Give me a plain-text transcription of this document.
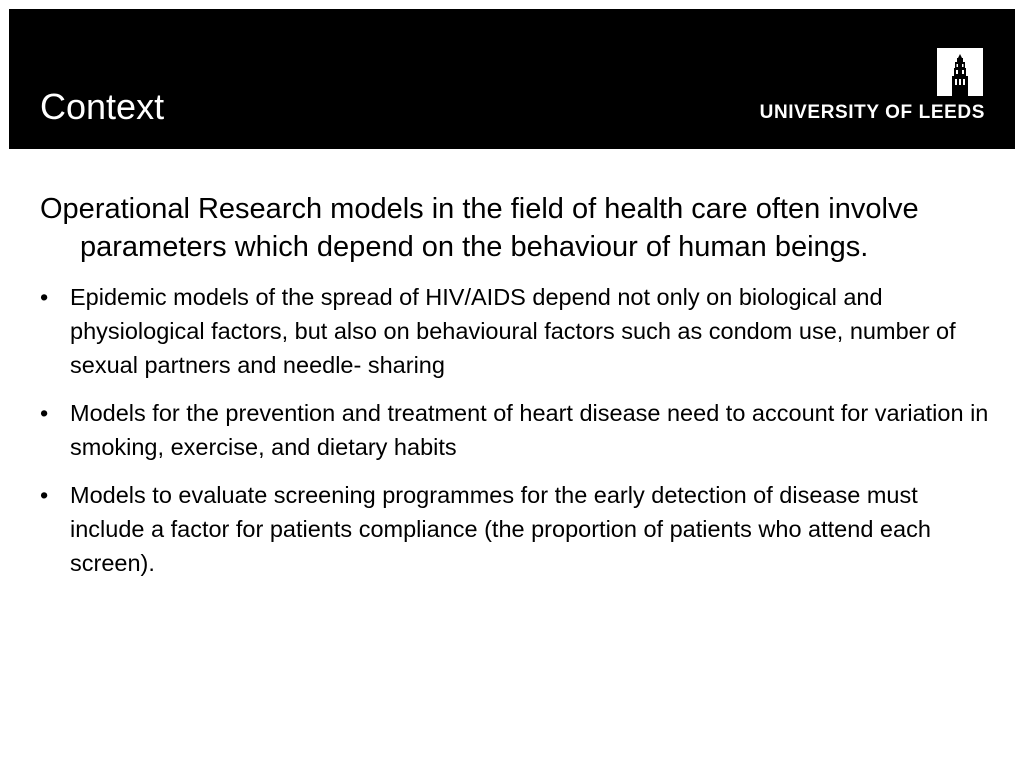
Context	UNIVERSITY OF LEEDS

Operational Research models in the field of health care often involve parameters which depend on the behaviour of human beings.

• Epidemic models of the spread of HIV/AIDS depend not only on biological and physiological factors, but also on behavioural factors such as condom use, number of sexual partners and needle- sharing
• Models for the prevention and treatment of heart disease need to account for variation in smoking, exercise, and dietary habits
• Models to evaluate screening programmes for the early detection of disease must include a factor for patients compliance (the proportion of patients who attend each screen).
